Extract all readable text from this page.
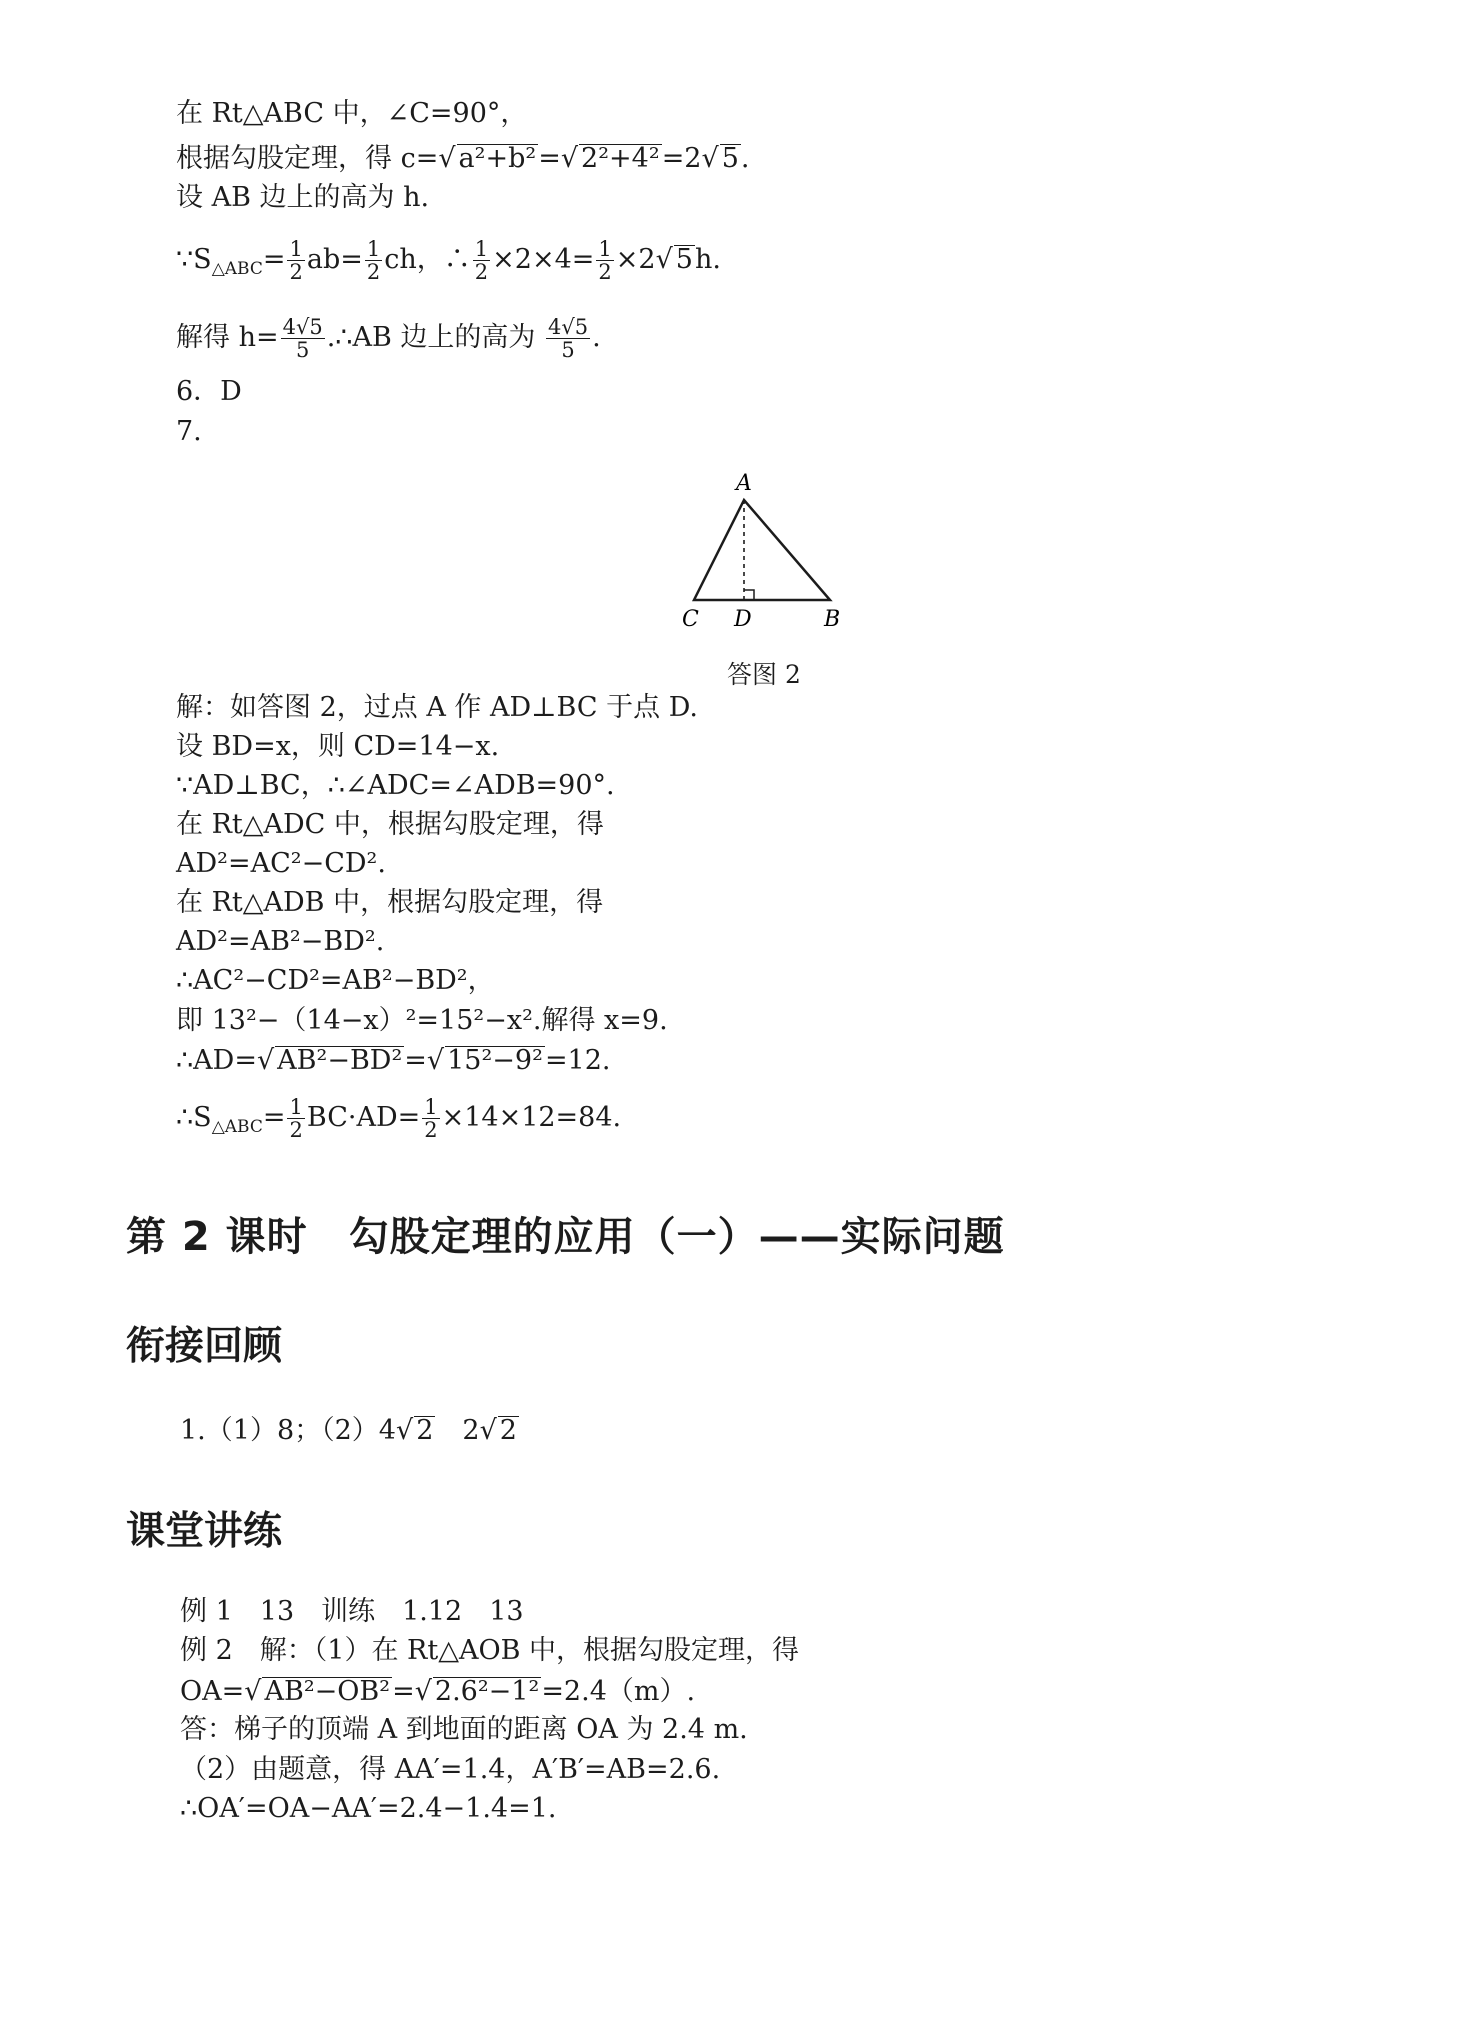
在 Rt△ABC 中，∠C=90°，
根据勾股定理，得 c=√ a²+b²=√ 2²+4²=2√ 5.
设 AB 边上的高为 h.
$\because S_{\triangle ABC}= \frac{1}{2} ab= \frac{1}{2}$ ch，∴ $\frac{1}{2} \times 2\times 4= \frac{1}{2} \times 2√$ 5h.
解得 $h= \frac{4√5}{5}$ .∴AB 边上的高为 $\frac{4√5}{5}$ .
6．D
7.
A
C D	B
答图 2
解：如答图 2，过点 A 作 AD⊥BC 于点 D.
设 BD=x，则 CD=14−x.
∵AD⊥BC，∴∠ADC=∠ADB=90°.
在 Rt△ADC 中，根据勾股定理，得
AD²=AC²−CD².
在 Rt△ADB 中，根据勾股定理，得
AD²=AB²−BD².
∴AC²−CD²=AB²−BD²，
即 13²−（14−x）²=15²−x².解得 x=9.
∴AD=√ AB²−BD²=√ 15²−9²=12.
$\therefore S_{\triangle ABC}= \frac{1}{2} BC\cdot AD= \frac{1}{2} \times 14\times 12=84$.
第 2 课时　勾股定理的应用（一）——实际问题
衔接回顾
1.（1）8；（2）4√ 2　2√ 2
课堂讲练
例 1　13　训练　1.12　13
例 2　解：（1）在 Rt△AOB 中，根据勾股定理，得
OA=√ AB²−OB²=√ 2.6²−1²=2.4（m）.
答：梯子的顶端 A 到地面的距离 OA 为 2.4 m.
（2）由题意，得 AA′=1.4，A′B′=AB=2.6.
∴OA′=OA−AA′=2.4−1.4=1.
